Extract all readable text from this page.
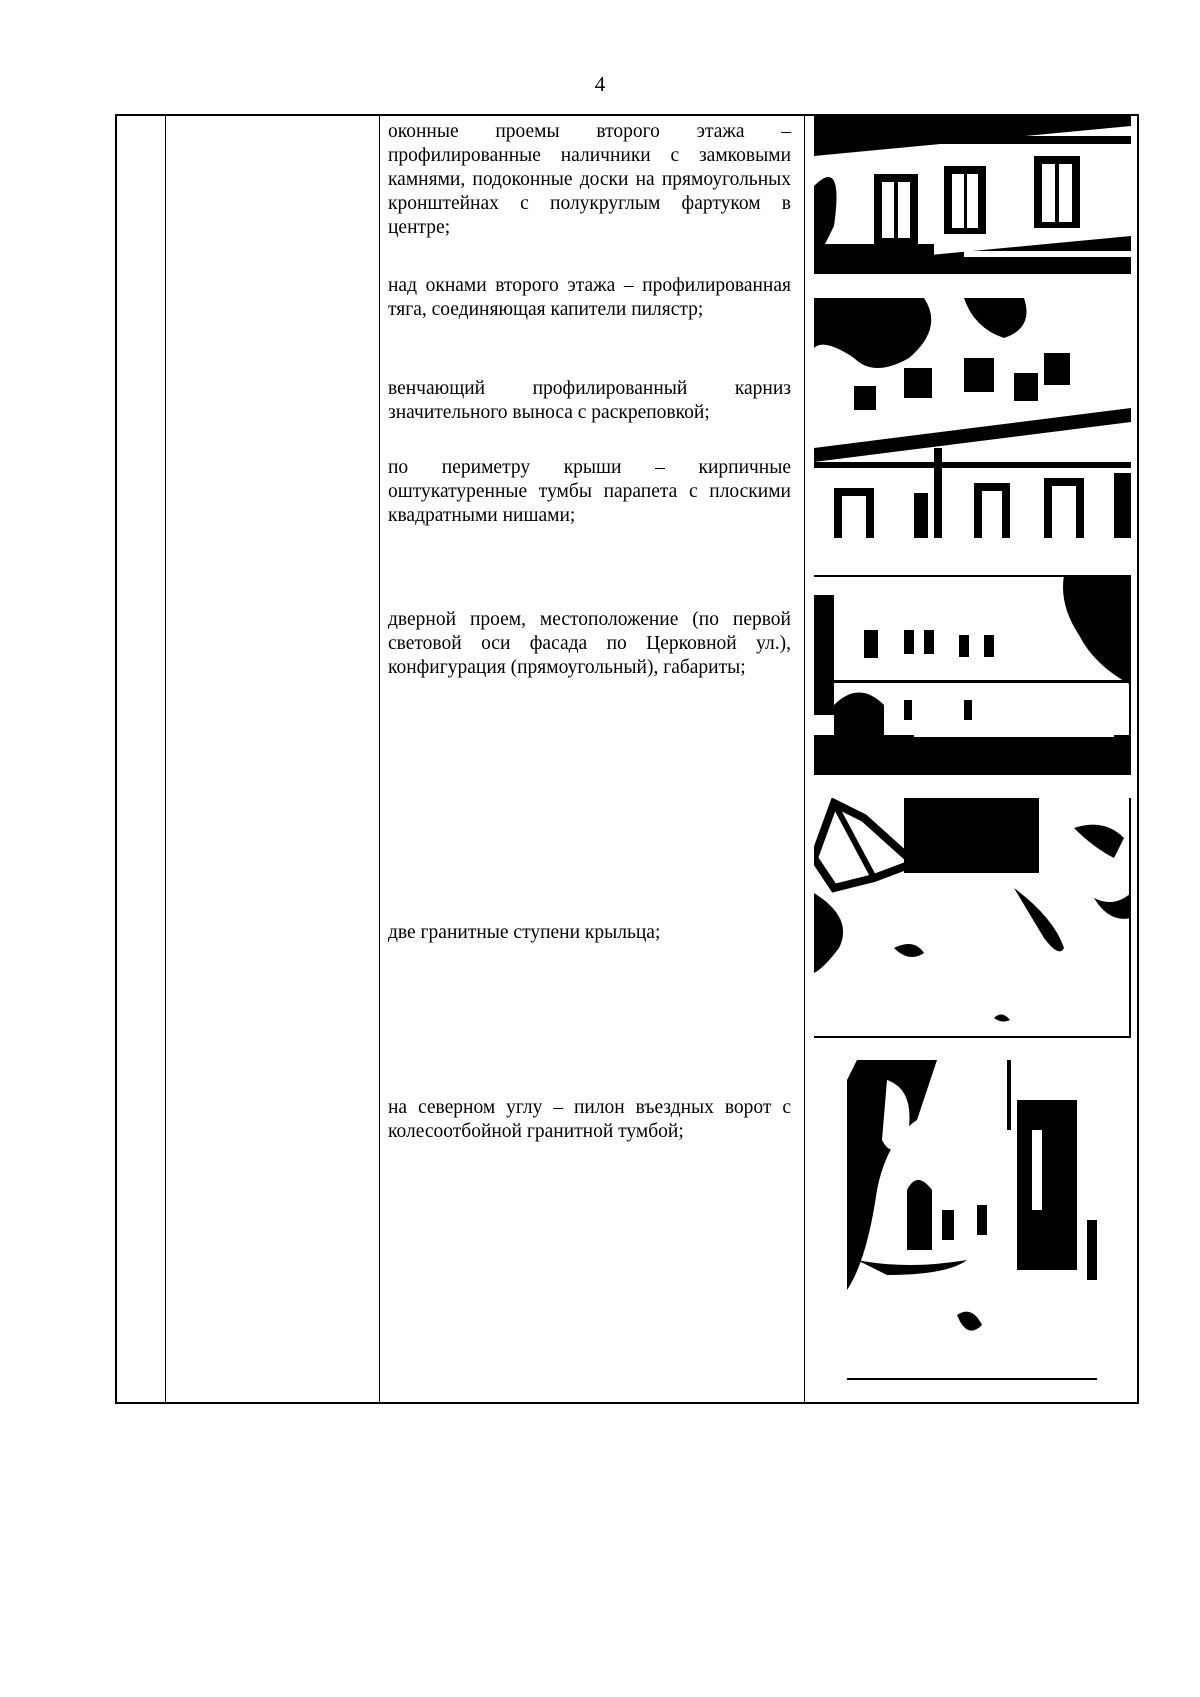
4

оконные проемы второго этажа – профилированные наличники с замковыми камнями, подоконные доски на прямоугольных кронштейнах с полукруглым фартуком в центре;

над окнами второго этажа – профилированная тяга, соединяющая капители пилястр;

венчающий профилированный карниз значительного выноса с раскреповкой;

по периметру крыши – кирпичные оштукатуренные тумбы парапета с плоскими квадратными нишами;

дверной проем, местоположение (по первой световой оси фасада по Церковной ул.), конфигурация (прямоугольный), габариты;

две гранитные ступени крыльца;

на северном углу – пилон въездных ворот с колесоотбойной гранитной тумбой;
